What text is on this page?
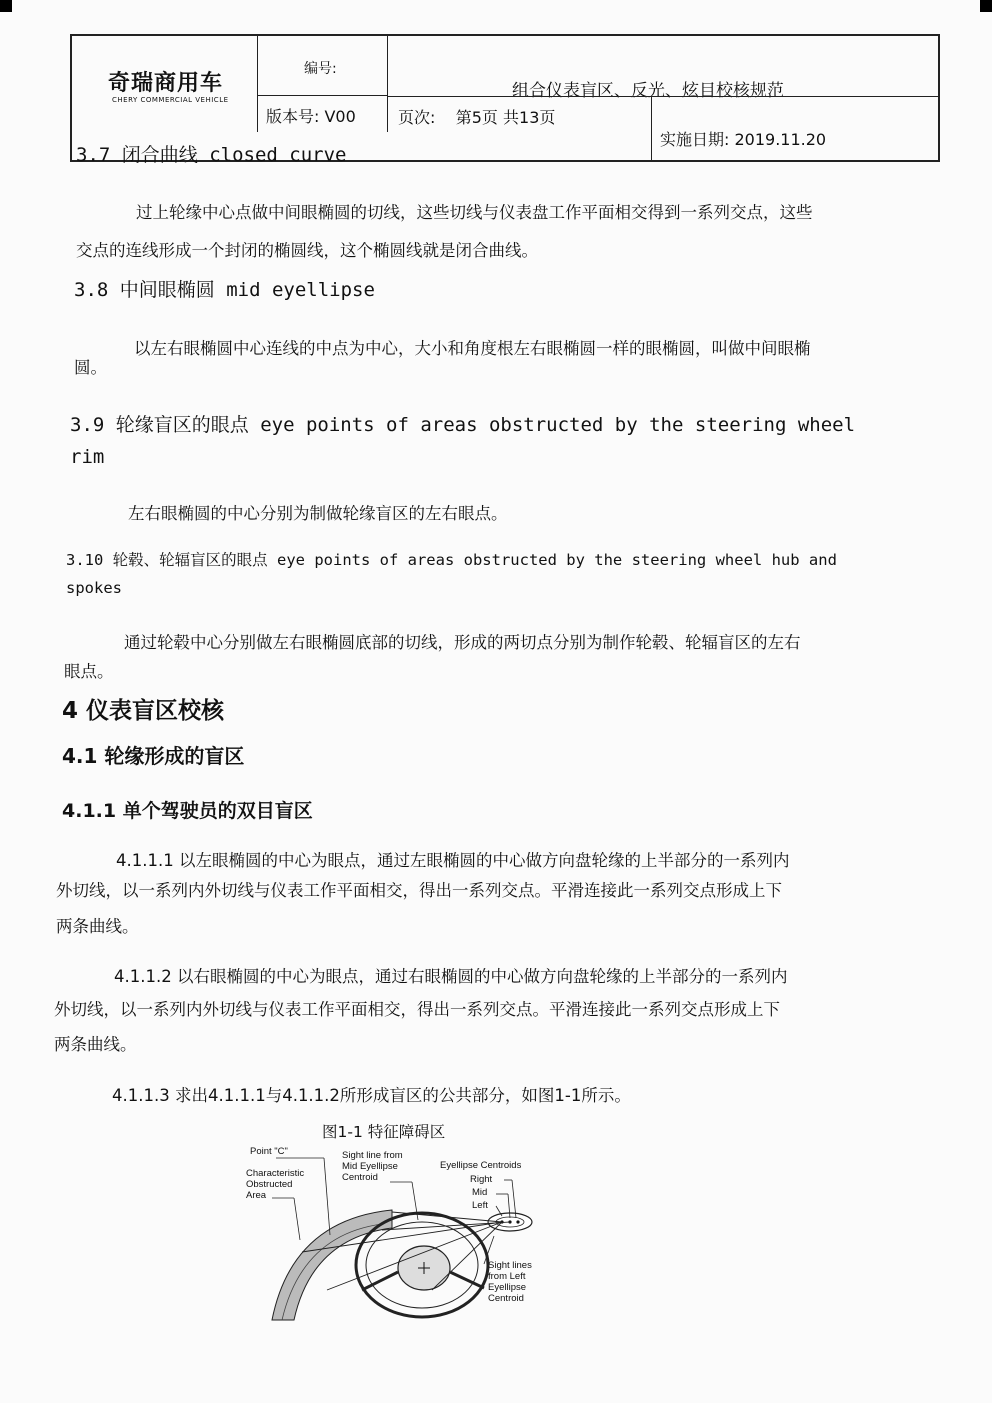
奇瑞商用车
CHERY COMMERCIAL VEHICLE
编号:
组合仪表盲区、反光、炫目校核规范
版本号: V00	页次: 第5页 共13页
实施日期: 2019.11.20
3.7 闭合曲线 closed curve
过上轮缘中心点做中间眼椭圆的切线，这些切线与仪表盘工作平面相交得到一系列交点，这些
交点的连线形成一个封闭的椭圆线，这个椭圆线就是闭合曲线。
3.8 中间眼椭圆 mid eyellipse
以左右眼椭圆中心连线的中点为中心，大小和角度根左右眼椭圆一样的眼椭圆，叫做中间眼椭
圆。
3.9 轮缘盲区的眼点 eye points of areas obstructed by the steering wheel
rim
左右眼椭圆的中心分别为制做轮缘盲区的左右眼点。
3.10 轮毂、轮辐盲区的眼点 eye points of areas obstructed by the steering wheel hub and
spokes
通过轮毂中心分别做左右眼椭圆底部的切线，形成的两切点分别为制作轮毂、轮辐盲区的左右
眼点。
4 仪表盲区校核
4.1 轮缘形成的盲区
4.1.1 单个驾驶员的双目盲区
4.1.1.1 以左眼椭圆的中心为眼点，通过左眼椭圆的中心做方向盘轮缘的上半部分的一系列内
外切线，以一系列内外切线与仪表工作平面相交，得出一系列交点。平滑连接此一系列交点形成上下
两条曲线。
4.1.1.2 以右眼椭圆的中心为眼点，通过右眼椭圆的中心做方向盘轮缘的上半部分的一系列内
外切线，以一系列内外切线与仪表工作平面相交，得出一系列交点。平滑连接此一系列交点形成上下
两条曲线。
4.1.1.3 求出4.1.1.1与4.1.1.2所形成盲区的公共部分，如图1-1所示。
图1-1 特征障碍区
Point "C"
Characteristic
Obstructed
Area
Sight line from
Mid Eyellipse
Centroid
Eyellipse Centroids
Right
Mid
Left
Sight lines
from Left
Eyellipse
Centroid
